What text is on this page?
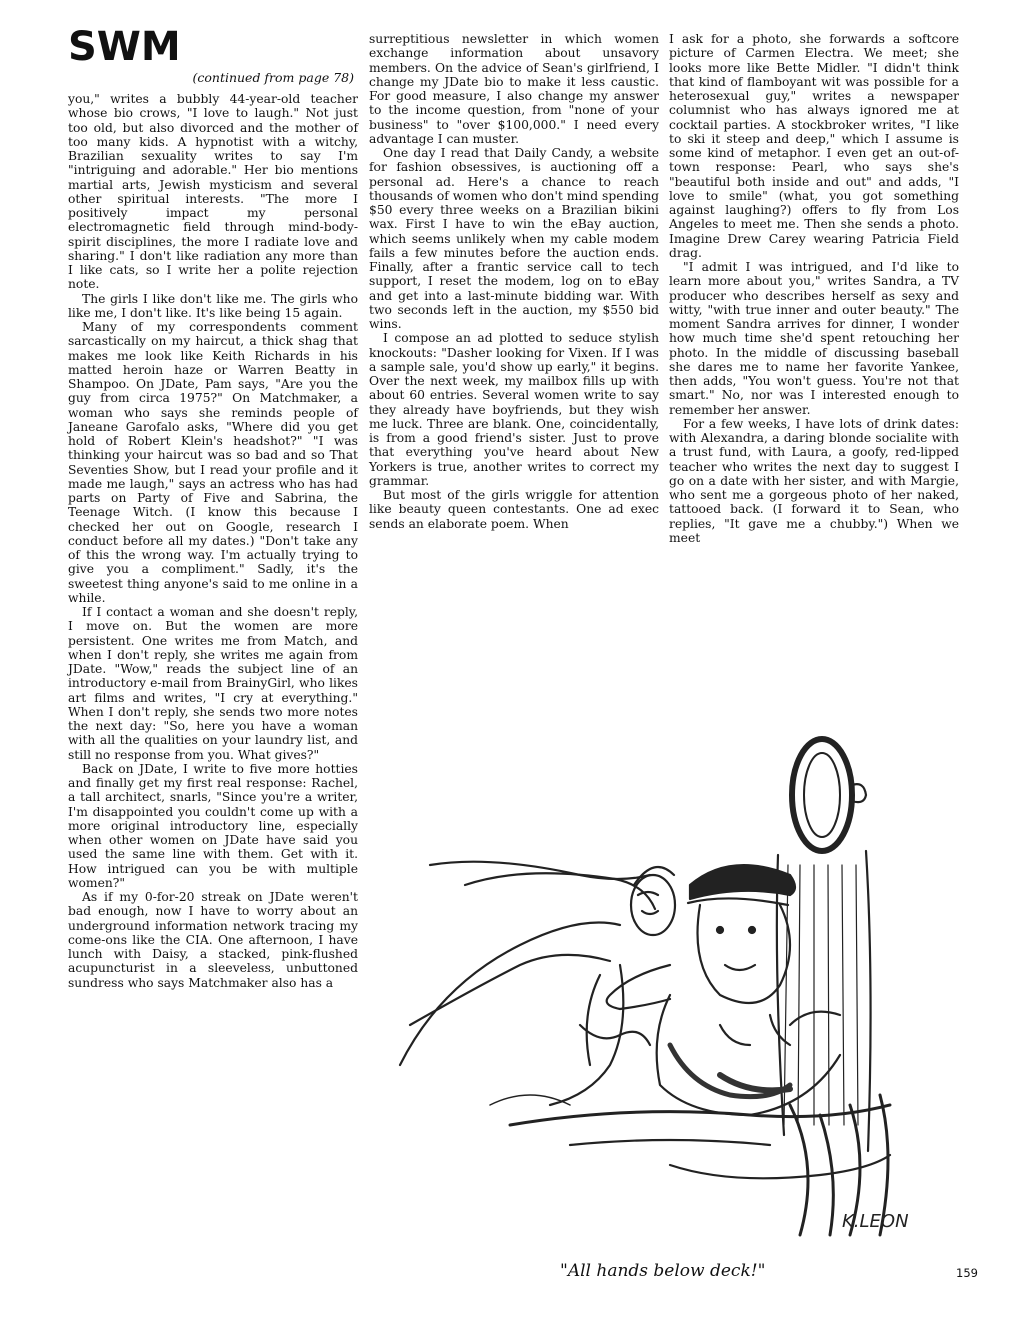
SWM
(continued from page 78)

you," writes a bubbly 44-year-old teacher whose bio crows, "I love to laugh." Not just too old, but also divorced and the mother of too many kids. A hypnotist with a witchy, Brazilian sexuality writes to say I'm "intriguing and adorable." Her bio mentions martial arts, Jewish mysticism and several other spiritual interests. "The more I positively impact my personal electromagnetic field through mind-body-spirit disciplines, the more I radiate love and sharing." I don't like radiation any more than I like cats, so I write her a polite rejection note.

The girls I like don't like me. The girls who like me, I don't like. It's like being 15 again.

Many of my correspondents comment sarcastically on my haircut, a thick shag that makes me look like Keith Richards in his matted heroin haze or Warren Beatty in Shampoo. On JDate, Pam says, "Are you the guy from circa 1975?" On Matchmaker, a woman who says she reminds people of Janeane Garofalo asks, "Where did you get hold of Robert Klein's headshot?" "I was thinking your haircut was so bad and so That Seventies Show, but I read your profile and it made me laugh," says an actress who has had parts on Party of Five and Sabrina, the Teenage Witch. (I know this because I checked her out on Google, research I conduct before all my dates.) "Don't take any of this the wrong way. I'm actually trying to give you a compliment." Sadly, it's the sweetest thing anyone's said to me online in a while.

If I contact a woman and she doesn't reply, I move on. But the women are more persistent. One writes me from Match, and when I don't reply, she writes me again from JDate. "Wow," reads the subject line of an introductory e-mail from BrainyGirl, who likes art films and writes, "I cry at everything." When I don't reply, she sends two more notes the next day: "So, here you have a woman with all the qualities on your laundry list, and still no response from you. What gives?"

Back on JDate, I write to five more hotties and finally get my first real response: Rachel, a tall architect, snarls, "Since you're a writer, I'm disappointed you couldn't come up with a more original introductory line, especially when other women on JDate have said you used the same line with them. Get with it. How intrigued can you be with multiple women?"

As if my 0-for-20 streak on JDate weren't bad enough, now I have to worry about an underground information network tracing my come-ons like the CIA. One afternoon, I have lunch with Daisy, a stacked, pink-flushed acupuncturist in a sleeveless, unbuttoned sundress who says Matchmaker also has a

surreptitious newsletter in which women exchange information about unsavory members. On the advice of Sean's girlfriend, I change my JDate bio to make it less caustic. For good measure, I also change my answer to the income question, from "none of your business" to "over $100,000." I need every advantage I can muster.

One day I read that Daily Candy, a website for fashion obsessives, is auctioning off a personal ad. Here's a chance to reach thousands of women who don't mind spending $50 every three weeks on a Brazilian bikini wax. First I have to win the eBay auction, which seems unlikely when my cable modem fails a few minutes before the auction ends. Finally, after a frantic service call to tech support, I reset the modem, log on to eBay and get into a last-minute bidding war. With two seconds left in the auction, my $550 bid wins.

I compose an ad plotted to seduce stylish knockouts: "Dasher looking for Vixen. If I was a sample sale, you'd show up early," it begins. Over the next week, my mailbox fills up with about 60 entries. Several women write to say they already have boyfriends, but they wish me luck. Three are blank. One, coincidentally, is from a good friend's sister. Just to prove that everything you've heard about New Yorkers is true, another writes to correct my grammar.

But most of the girls wriggle for attention like beauty queen contestants. One ad exec sends an elaborate poem. When

I ask for a photo, she forwards a softcore picture of Carmen Electra. We meet; she looks more like Bette Midler. "I didn't think that kind of flamboyant wit was possible for a heterosexual guy," writes a newspaper columnist who has always ignored me at cocktail parties. A stockbroker writes, "I like to ski it steep and deep," which I assume is some kind of metaphor. I even get an out-of-town response: Pearl, who says she's "beautiful both inside and out" and adds, "I love to smile" (what, you got something against laughing?) offers to fly from Los Angeles to meet me. Then she sends a photo. Imagine Drew Carey wearing Patricia Field drag.

"I admit I was intrigued, and I'd like to learn more about you," writes Sandra, a TV producer who describes herself as sexy and witty, "with true inner and outer beauty." The moment Sandra arrives for dinner, I wonder how much time she'd spent retouching her photo. In the middle of discussing baseball she dares me to name her favorite Yankee, then adds, "You won't guess. You're not that smart." No, nor was I interested enough to remember her answer.

For a few weeks, I have lots of drink dates: with Alexandra, a daring blonde socialite with a trust fund, with Laura, a goofy, red-lipped teacher who writes the next day to suggest I go on a date with her sister, and with Margie, who sent me a gorgeous photo of her naked, tattooed back. (I forward it to Sean, who replies, "It gave me a chubby.") When we meet

K.LEON
"All hands below deck!"	159
